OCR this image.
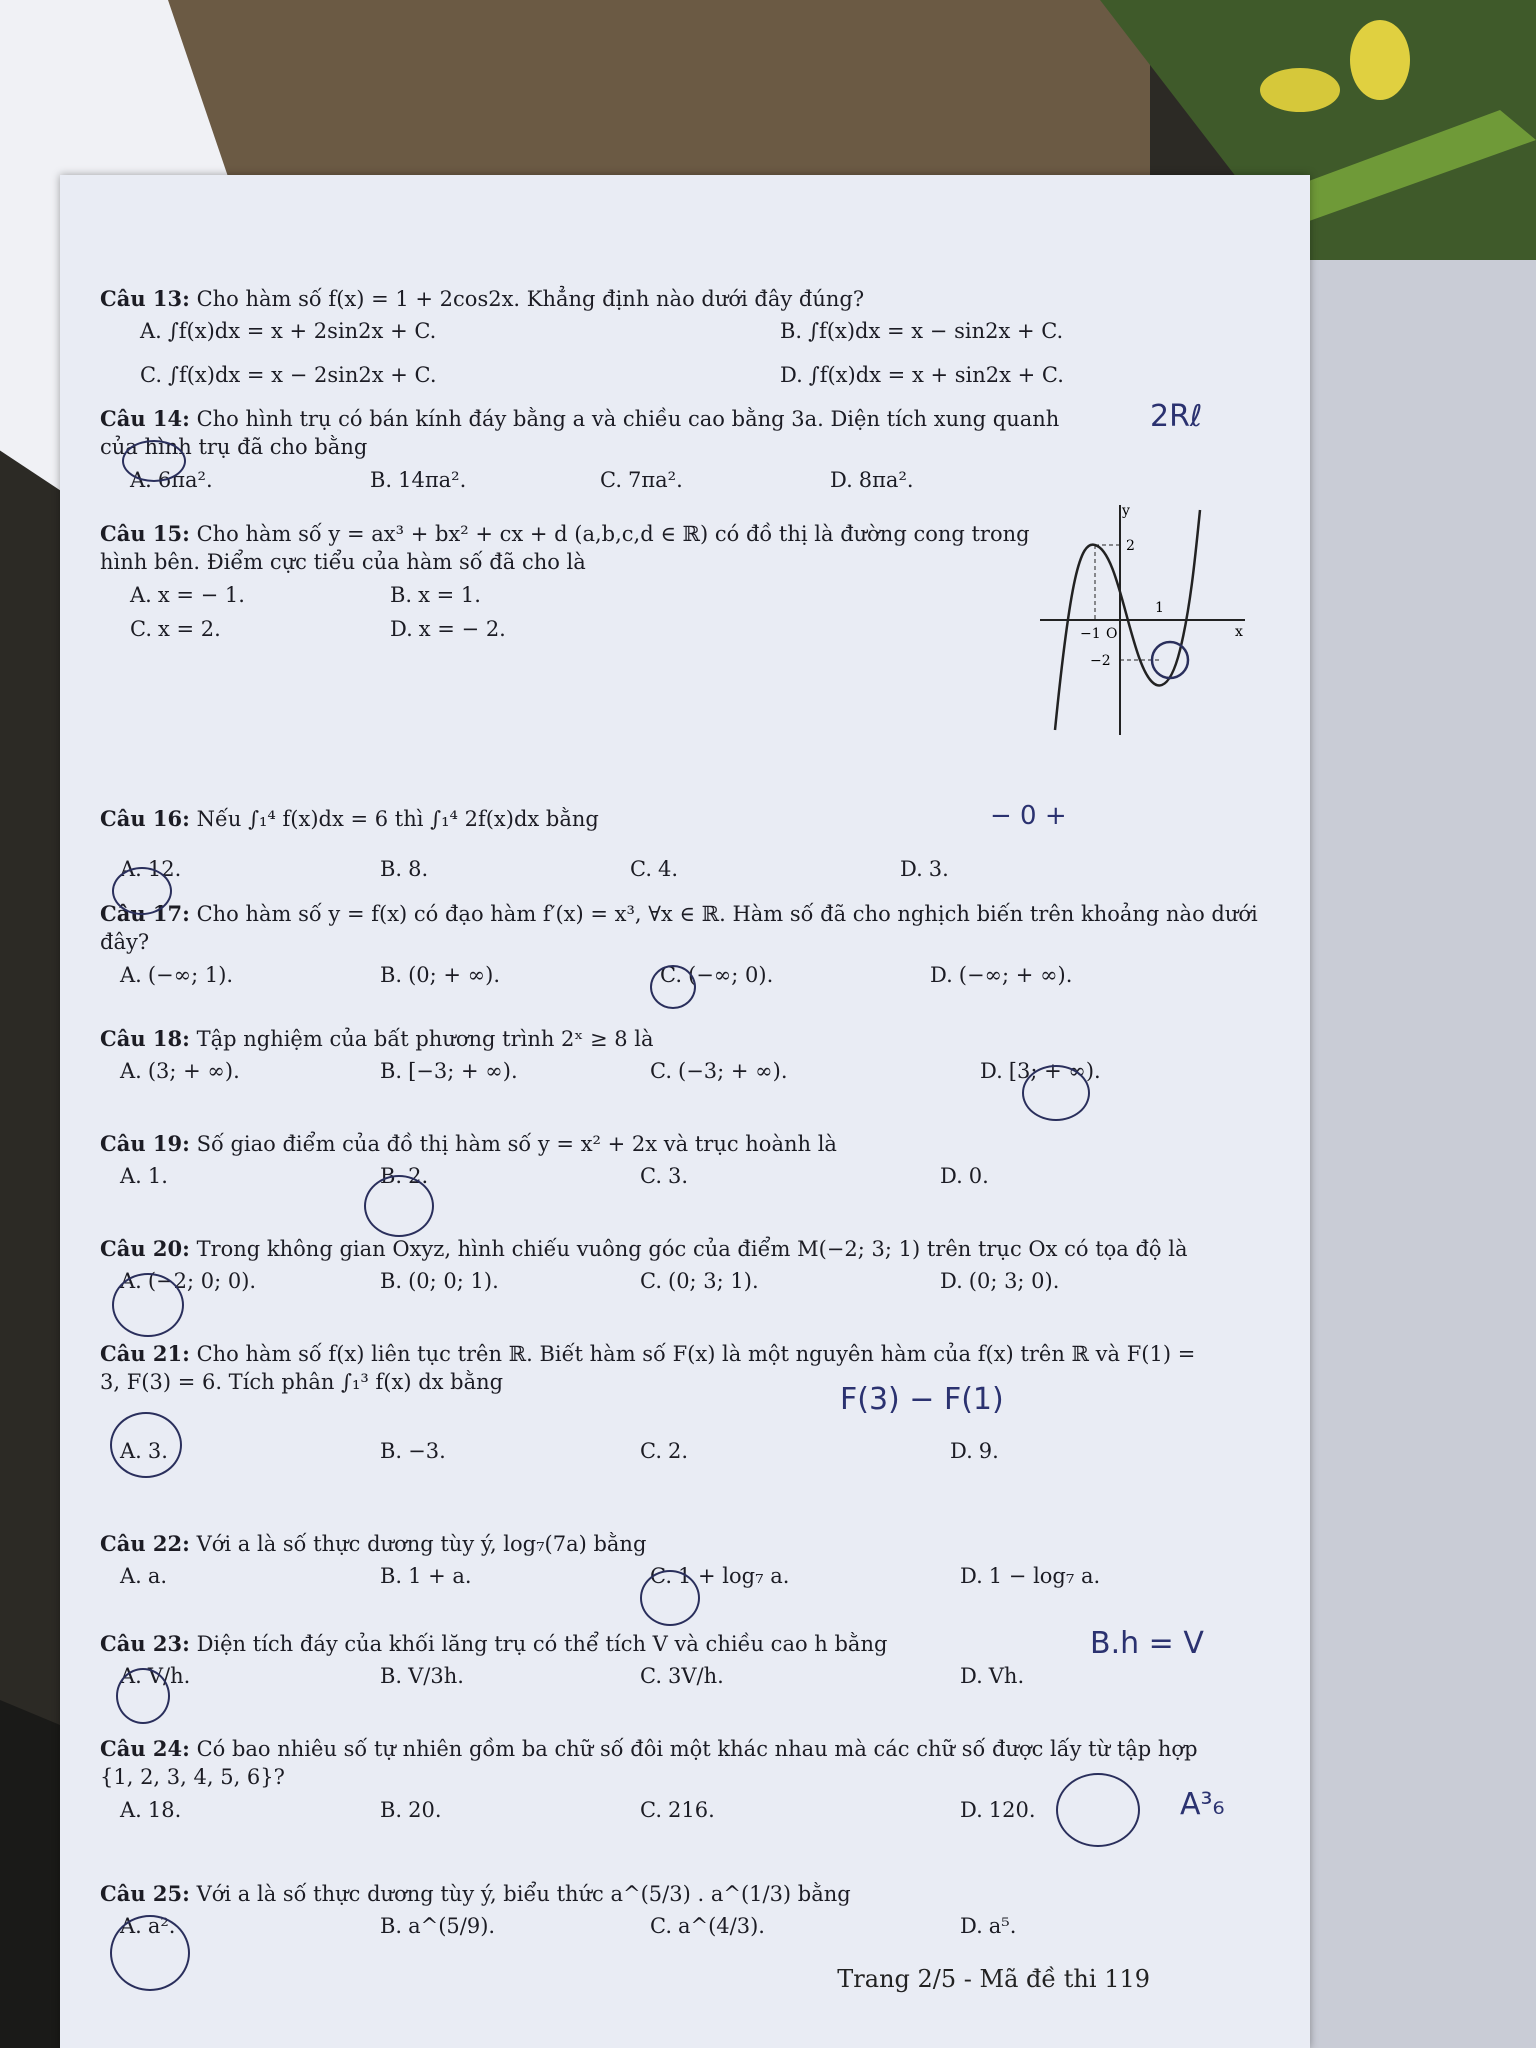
Câu 13: Cho hàm số f(x) = 1 + 2cos2x. Khẳng định nào dưới đây đúng?
A. ∫f(x)dx = x + 2sin2x + C.	B. ∫f(x)dx = x − sin2x + C.
C. ∫f(x)dx = x − 2sin2x + C.	D. ∫f(x)dx = x + sin2x + C.
Câu 14: Cho hình trụ có bán kính đáy bằng a và chiều cao bằng 3a. Diện tích xung quanh của hình trụ đã cho bằng
A. 6πa².	B. 14πa².	C. 7πa².	D. 8πa².
2Rℓ
Câu 15: Cho hàm số y = ax³ + bx² + cx + d (a,b,c,d ∈ ℝ) có đồ thị là đường cong trong hình bên. Điểm cực tiểu của hàm số đã cho là
A. x = − 1.	B. x = 1.
C. x = 2.	D. x = − 2.
y
x
2
−2
−1
1
O
Câu 16: Nếu ∫₁⁴ f(x)dx = 6 thì ∫₁⁴ 2f(x)dx bằng
A. 12.	B. 8.	C. 4.	D. 3.
− 0 +
Câu 17: Cho hàm số y = f(x) có đạo hàm f′(x) = x³, ∀x ∈ ℝ. Hàm số đã cho nghịch biến trên khoảng nào dưới đây?
A. (−∞; 1).	B. (0; + ∞).	C. (−∞; 0).	D. (−∞; + ∞).
Câu 18: Tập nghiệm của bất phương trình 2ˣ ≥ 8 là
A. (3; + ∞).	B. [−3; + ∞).	C. (−3; + ∞).	D. [3; + ∞).
Câu 19: Số giao điểm của đồ thị hàm số y = x² + 2x và trục hoành là
A. 1.	B. 2.	C. 3.	D. 0.
Câu 20: Trong không gian Oxyz, hình chiếu vuông góc của điểm M(−2; 3; 1) trên trục Ox có tọa độ là
A. (−2; 0; 0).	B. (0; 0; 1).	C. (0; 3; 1).	D. (0; 3; 0).
Câu 21: Cho hàm số f(x) liên tục trên ℝ. Biết hàm số F(x) là một nguyên hàm của f(x) trên ℝ và F(1) = 3, F(3) = 6. Tích phân ∫₁³ f(x) dx bằng
A. 3.	B. −3.	C. 2.	D. 9.
F(3) − F(1)
Câu 22: Với a là số thực dương tùy ý, log₇(7a) bằng
A. a.	B. 1 + a.	C. 1 + log₇ a.	D. 1 − log₇ a.
Câu 23: Diện tích đáy của khối lăng trụ có thể tích V và chiều cao h bằng
A. V/h.	B. V/3h.	C. 3V/h.	D. Vh.
B.h = V
Câu 24: Có bao nhiêu số tự nhiên gồm ba chữ số đôi một khác nhau mà các chữ số được lấy từ tập hợp {1, 2, 3, 4, 5, 6}?
A. 18.	B. 20.	C. 216.	D. 120.	A³₆
Câu 25: Với a là số thực dương tùy ý, biểu thức a^(5/3) . a^(1/3) bằng
A. a².	B. a^(5/9).	C. a^(4/3).	D. a⁵.
Trang 2/5 - Mã đề thi 119
